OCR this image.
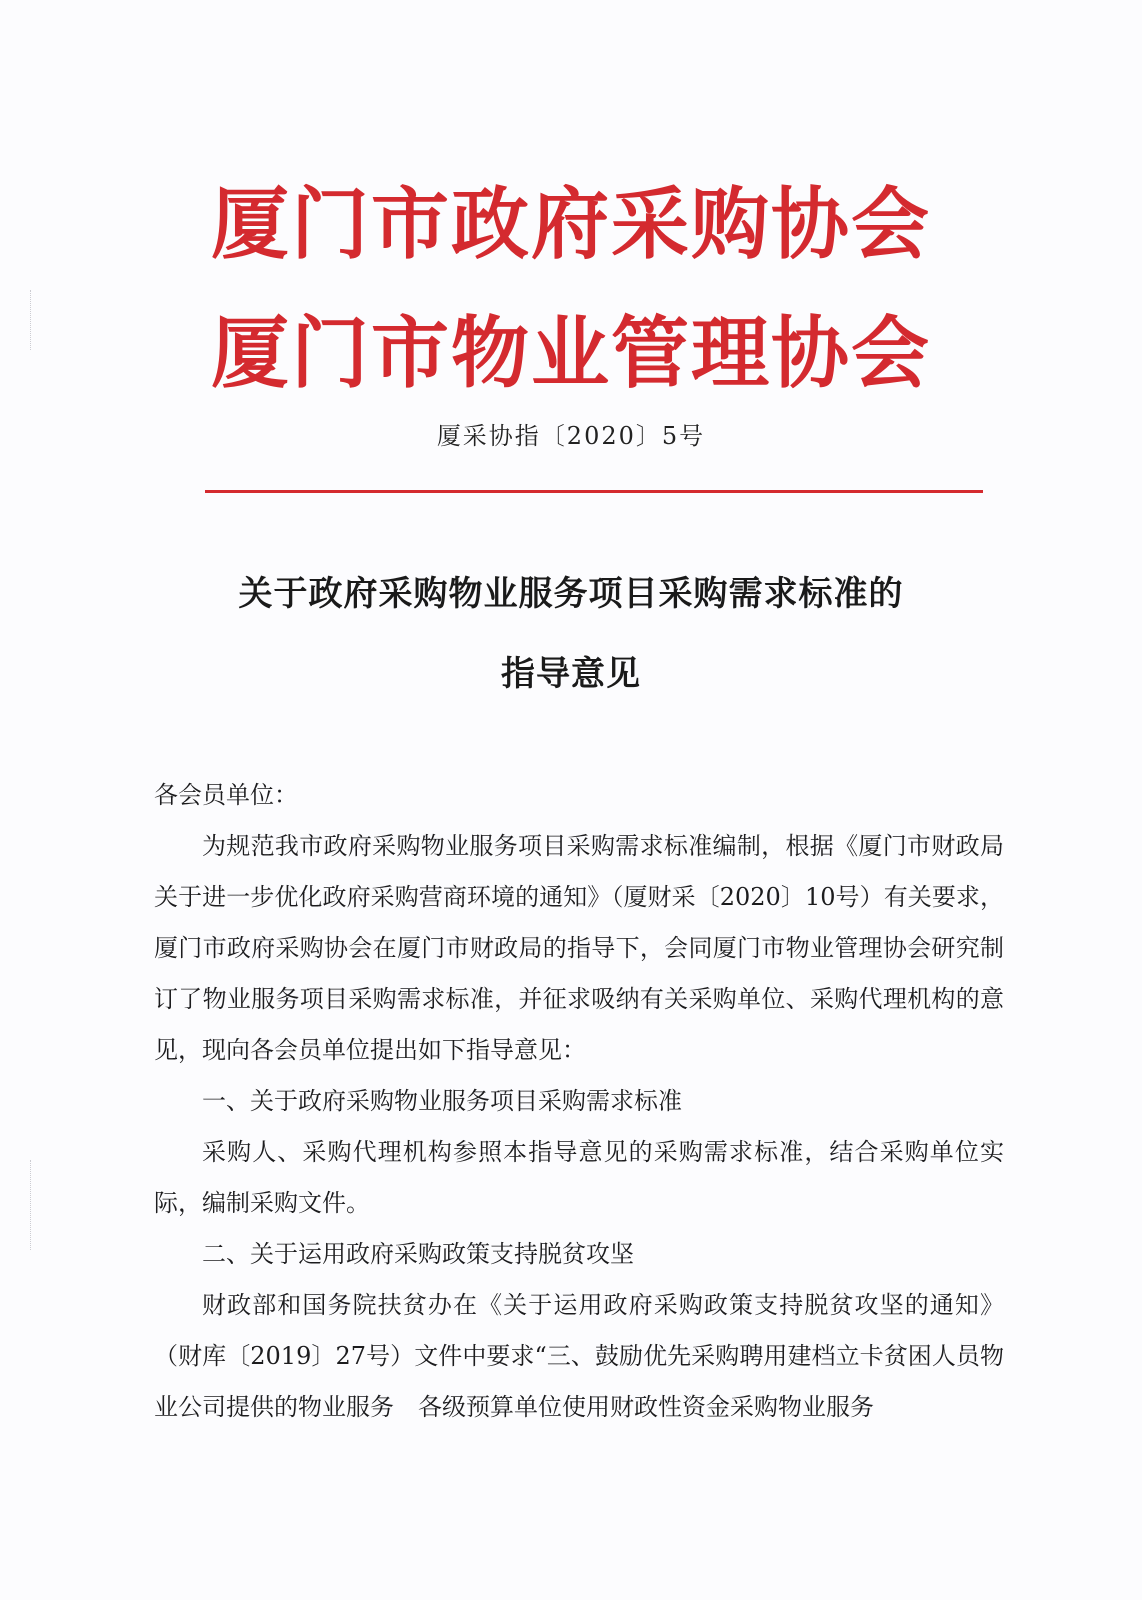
厦门市政府采购协会
厦门市物业管理协会

厦采协指〔2020〕5号

关于政府采购物业服务项目采购需求标准的
指导意见

各会员单位：

为规范我市政府采购物业服务项目采购需求标准编制，根据《厦门市财政局关于进一步优化政府采购营商环境的通知》（厦财采〔2020〕10号）有关要求，厦门市政府采购协会在厦门市财政局的指导下，会同厦门市物业管理协会研究制订了物业服务项目采购需求标准，并征求吸纳有关采购单位、采购代理机构的意见，现向各会员单位提出如下指导意见：

一、关于政府采购物业服务项目采购需求标准

采购人、采购代理机构参照本指导意见的采购需求标准，结合采购单位实际，编制采购文件。

二、关于运用政府采购政策支持脱贫攻坚

财政部和国务院扶贫办在《关于运用政府采购政策支持脱贫攻坚的通知》（财库〔2019〕27号）文件中要求“三、鼓励优先采购聘用建档立卡贫困人员物业公司提供的物业服务　各级预算单位使用财政性资金采购物业服务
